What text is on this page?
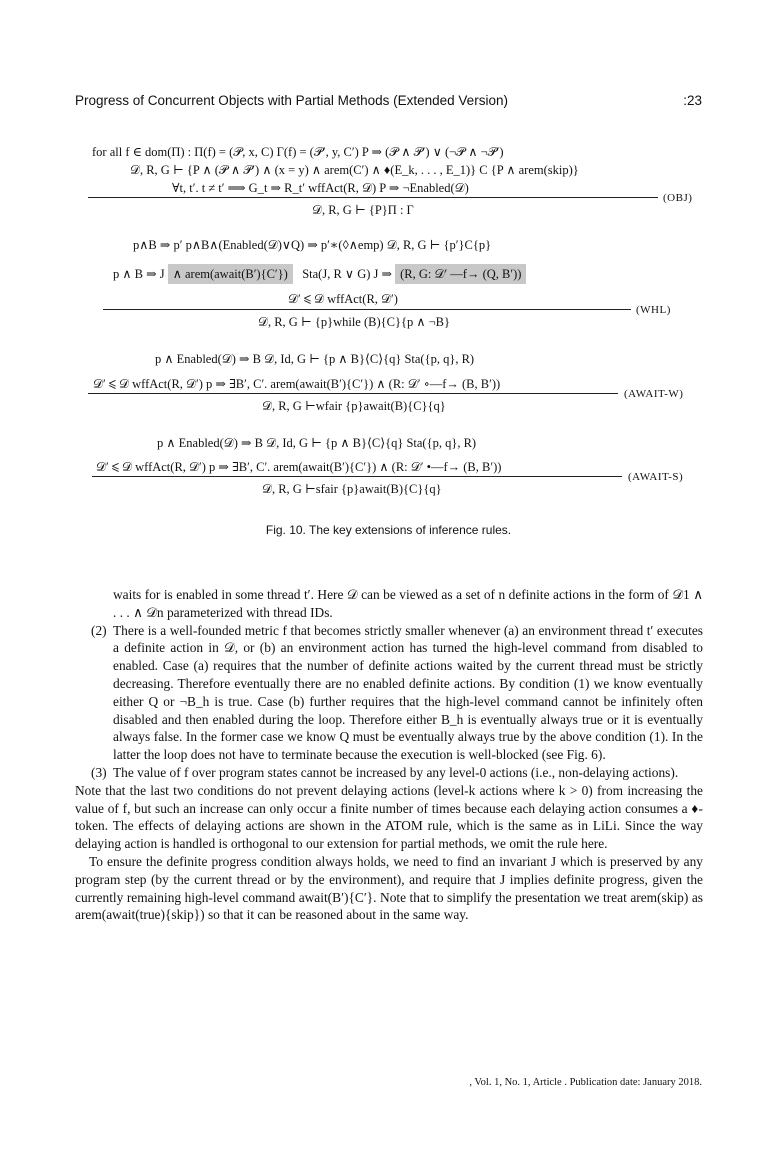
Progress of Concurrent Objects with Partial Methods (Extended Version)	:23
for all f ∈ dom(Π) : Π(f) = (𝒫, x, C) Γ(f) = (𝒫′, y, C′) P ⇒ (𝒫 ∧ 𝒫′) ∨ (¬𝒫 ∧ ¬𝒫′)
𝒟, R, G ⊢ {P ∧ (𝒫 ∧ 𝒫′) ∧ (x = y) ∧ arem(C′) ∧ ♦(E_k, . . . , E_1)} C {P ∧ arem(skip)}
∀t, t′. t ≠ t′ ⟹ G_t ⇒ R_t′ wffAct(R, 𝒟) P ⇒ ¬Enabled(𝒟)
𝒟, R, G ⊢ {P}Π : Γ
(OBJ)
p∧B ⇒ p′ p∧B∧(Enabled(𝒟)∨Q) ⇒ p′∗(◊∧emp) 𝒟, R, G ⊢ {p′}C{p}
p ∧ B ⇒ J ∧ arem(await(B′){C′}) Sta(J, R ∨ G) J ⇒ (R, G: 𝒟′ —f→ (Q, B′))
𝒟′ ⩽ 𝒟 wffAct(R, 𝒟′)
𝒟, R, G ⊢ {p}while (B){C}{p ∧ ¬B}
(WHL)
p ∧ Enabled(𝒟) ⇒ B 𝒟, Id, G ⊢ {p ∧ B}⟨C⟩{q} Sta({p, q}, R)
𝒟′ ⩽ 𝒟 wffAct(R, 𝒟′) p ⇒ ∃B′, C′. arem(await(B′){C′}) ∧ (R: 𝒟′ ∘—f→ (B, B′))
𝒟, R, G ⊢wfair {p}await(B){C}{q}
(AWAIT-W)
p ∧ Enabled(𝒟) ⇒ B 𝒟, Id, G ⊢ {p ∧ B}⟨C⟩{q} Sta({p, q}, R)
𝒟′ ⩽ 𝒟 wffAct(R, 𝒟′) p ⇒ ∃B′, C′. arem(await(B′){C′}) ∧ (R: 𝒟′ •—f→ (B, B′))
𝒟, R, G ⊢sfair {p}await(B){C}{q}
(AWAIT-S)
Fig. 10. The key extensions of inference rules.

waits for is enabled in some thread t′. Here 𝒟 can be viewed as a set of n definite actions in the form of 𝒟1 ∧ . . . ∧ 𝒟n parameterized with thread IDs.

(2) There is a well-founded metric f that becomes strictly smaller whenever (a) an environment thread t′ executes a definite action in 𝒟, or (b) an environment action has turned the high-level command from disabled to enabled. Case (a) requires that the number of definite actions waited by the current thread must be strictly decreasing. Therefore eventually there are no enabled definite actions. By condition (1) we know eventually either Q or ¬B_h is true. Case (b) further requires that the high-level command cannot be infinitely often disabled and then enabled during the loop. Therefore either B_h is eventually always true or it is eventually always false. In the former case we know Q must be eventually always true by the above condition (1). In the latter the loop does not have to terminate because the execution is well-blocked (see Fig. 6).

(3) The value of f over program states cannot be increased by any level-0 actions (i.e., non-delaying actions).

Note that the last two conditions do not prevent delaying actions (level-k actions where k > 0) from increasing the value of f, but such an increase can only occur a finite number of times because each delaying action consumes a ♦-token. The effects of delaying actions are shown in the ATOM rule, which is the same as in LiLi. Since the way delaying action is handled is orthogonal to our extension for partial methods, we omit the rule here.

To ensure the definite progress condition always holds, we need to find an invariant J which is preserved by any program step (by the current thread or by the environment), and require that J implies definite progress, given the currently remaining high-level command await(B′){C′}. Note that to simplify the presentation we treat arem(skip) as arem(await(true){skip}) so that it can be reasoned about in the same way.

, Vol. 1, No. 1, Article . Publication date: January 2018.
